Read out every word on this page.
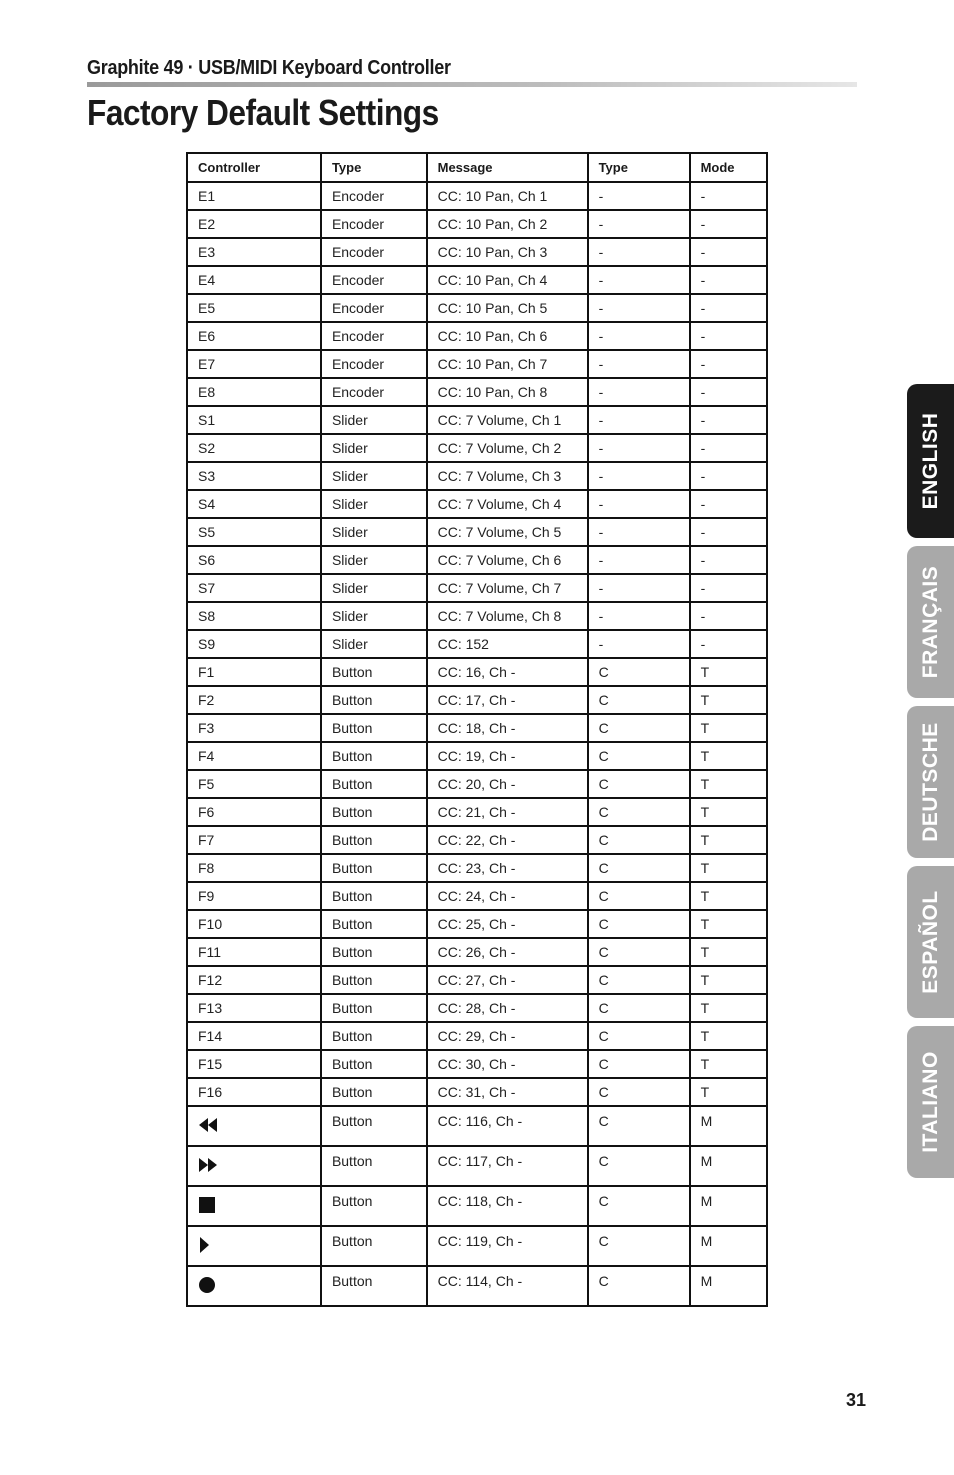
Graphite 49 · USB/MIDI Keyboard Controller
Factory Default Settings
Controller	Type	Message	Type	Mode
E1	Encoder	CC: 10 Pan, Ch 1	-	-
E2	Encoder	CC: 10 Pan, Ch 2	-	-
E3	Encoder	CC: 10 Pan, Ch 3	-	-
E4	Encoder	CC: 10 Pan, Ch 4	-	-
E5	Encoder	CC: 10 Pan, Ch 5	-	-
E6	Encoder	CC: 10 Pan, Ch 6	-	-
E7	Encoder	CC: 10 Pan, Ch 7	-	-
E8	Encoder	CC: 10 Pan, Ch 8	-	-
S1	Slider	CC: 7 Volume, Ch 1	-	-
S2	Slider	CC: 7 Volume, Ch 2	-	-
S3	Slider	CC: 7 Volume, Ch 3	-	-
S4	Slider	CC: 7 Volume, Ch 4	-	-
S5	Slider	CC: 7 Volume, Ch 5	-	-
S6	Slider	CC: 7 Volume, Ch 6	-	-
S7	Slider	CC: 7 Volume, Ch 7	-	-
S8	Slider	CC: 7 Volume, Ch 8	-	-
S9	Slider	CC: 152	-	-
F1	Button	CC: 16, Ch -	C	T
F2	Button	CC: 17, Ch -	C	T
F3	Button	CC: 18, Ch -	C	T
F4	Button	CC: 19, Ch -	C	T
F5	Button	CC: 20, Ch -	C	T
F6	Button	CC: 21, Ch -	C	T
F7	Button	CC: 22, Ch -	C	T
F8	Button	CC: 23, Ch -	C	T
F9	Button	CC: 24, Ch -	C	T
F10	Button	CC: 25, Ch -	C	T
F11	Button	CC: 26, Ch -	C	T
F12	Button	CC: 27, Ch -	C	T
F13	Button	CC: 28, Ch -	C	T
F14	Button	CC: 29, Ch -	C	T
F15	Button	CC: 30, Ch -	C	T
F16	Button	CC: 31, Ch -	C	T
	Button	CC: 116, Ch -	C	M
	Button	CC: 117, Ch -	C	M
	Button	CC: 118, Ch -	C	M
	Button	CC: 119, Ch -	C	M
	Button	CC: 114, Ch -	C	M
ENGLISH
FRANÇAIS
DEUTSCHE
ESPAÑOL
ITALIANO
31
